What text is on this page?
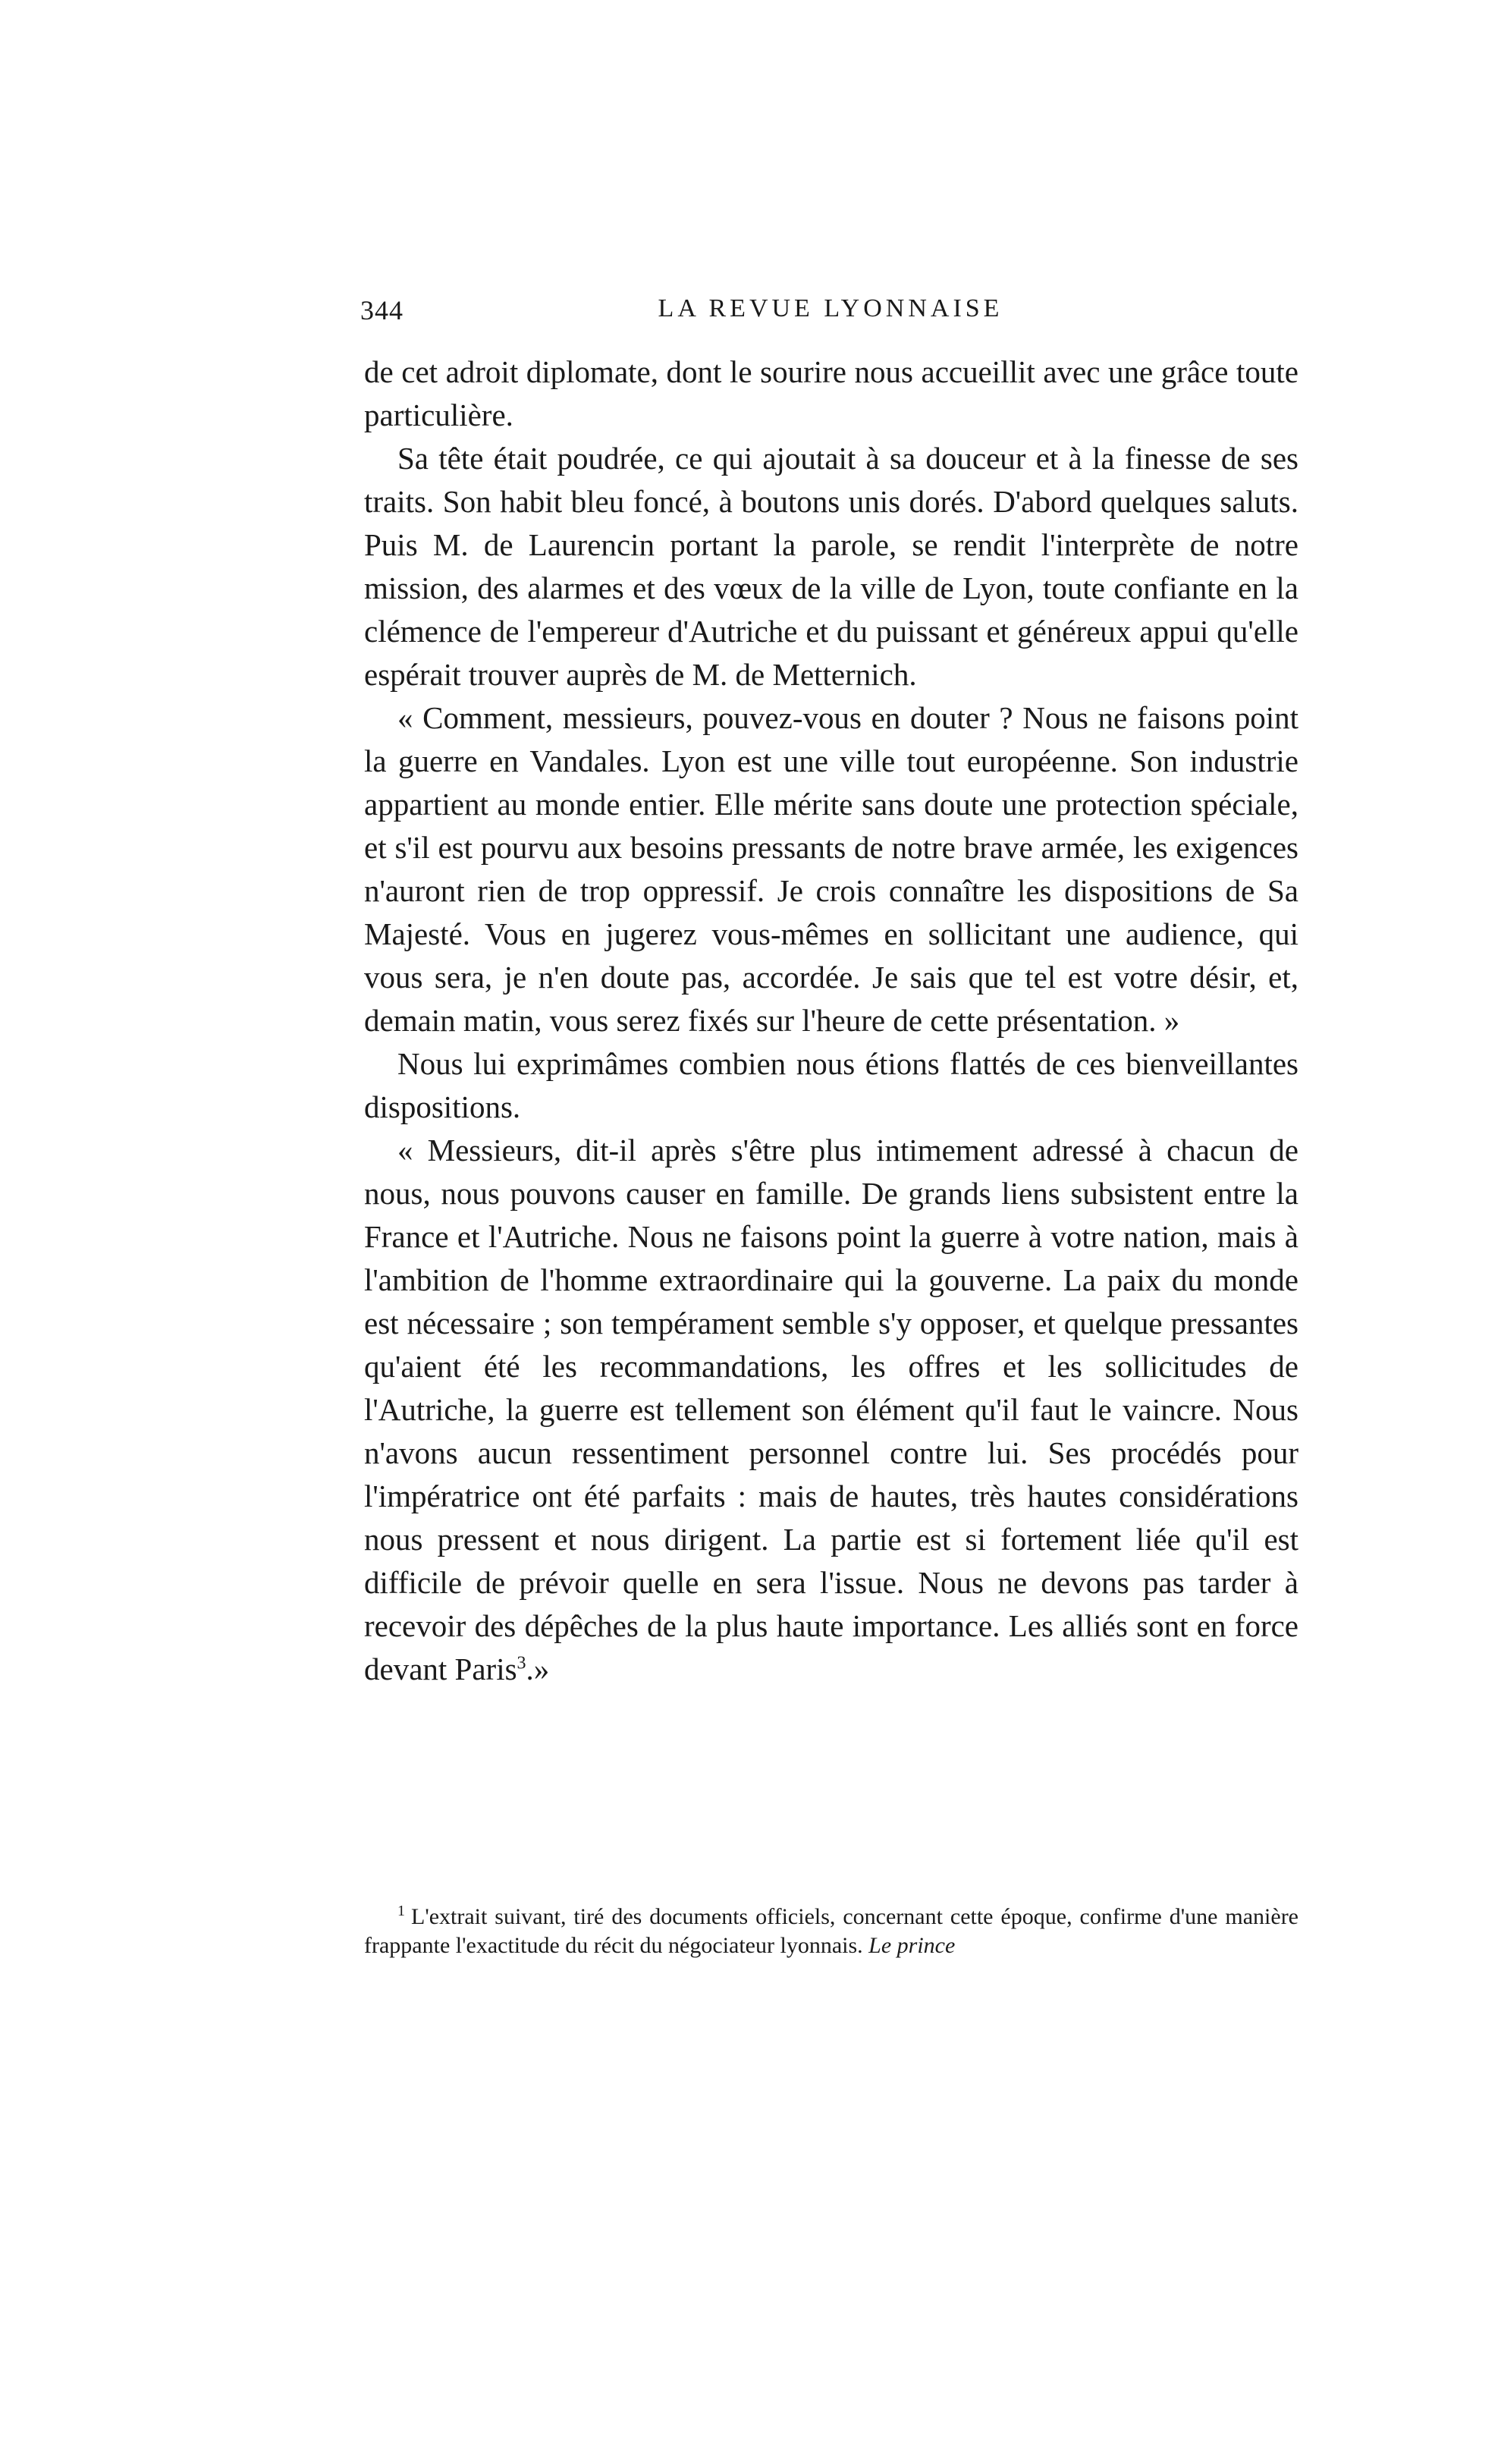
344	LA REVUE LYONNAISE

de cet adroit diplomate, dont le sourire nous accueillit avec une grâce toute particulière.

Sa tête était poudrée, ce qui ajoutait à sa douceur et à la finesse de ses traits. Son habit bleu foncé, à boutons unis dorés. D'abord quelques saluts. Puis M. de Laurencin portant la parole, se rendit l'interprète de notre mission, des alarmes et des vœux de la ville de Lyon, toute confiante en la clémence de l'empereur d'Autriche et du puissant et généreux appui qu'elle espérait trouver auprès de M. de Metternich.

« Comment, messieurs, pouvez-vous en douter ? Nous ne faisons point la guerre en Vandales. Lyon est une ville tout européenne. Son industrie appartient au monde entier. Elle mérite sans doute une protection spéciale, et s'il est pourvu aux besoins pressants de notre brave armée, les exigences n'auront rien de trop oppressif. Je crois connaître les dispositions de Sa Majesté. Vous en jugerez vous-mêmes en sollicitant une audience, qui vous sera, je n'en doute pas, accordée. Je sais que tel est votre désir, et, demain matin, vous serez fixés sur l'heure de cette présentation. »

Nous lui exprimâmes combien nous étions flattés de ces bienveillantes dispositions.

« Messieurs, dit-il après s'être plus intimement adressé à chacun de nous, nous pouvons causer en famille. De grands liens subsistent entre la France et l'Autriche. Nous ne faisons point la guerre à votre nation, mais à l'ambition de l'homme extraordinaire qui la gouverne. La paix du monde est nécessaire ; son tempérament semble s'y opposer, et quelque pressantes qu'aient été les recommandations, les offres et les sollicitudes de l'Autriche, la guerre est tellement son élément qu'il faut le vaincre. Nous n'avons aucun ressentiment personnel contre lui. Ses procédés pour l'impératrice ont été parfaits : mais de hautes, très hautes considérations nous pressent et nous dirigent. La partie est si fortement liée qu'il est difficile de prévoir quelle en sera l'issue. Nous ne devons pas tarder à recevoir des dépêches de la plus haute importance. Les alliés sont en force devant Paris$^3$.»

$^1$ L'extrait suivant, tiré des documents officiels, concernant cette époque, confirme d'une manière frappante l'exactitude du récit du négociateur lyonnais. Le prince
